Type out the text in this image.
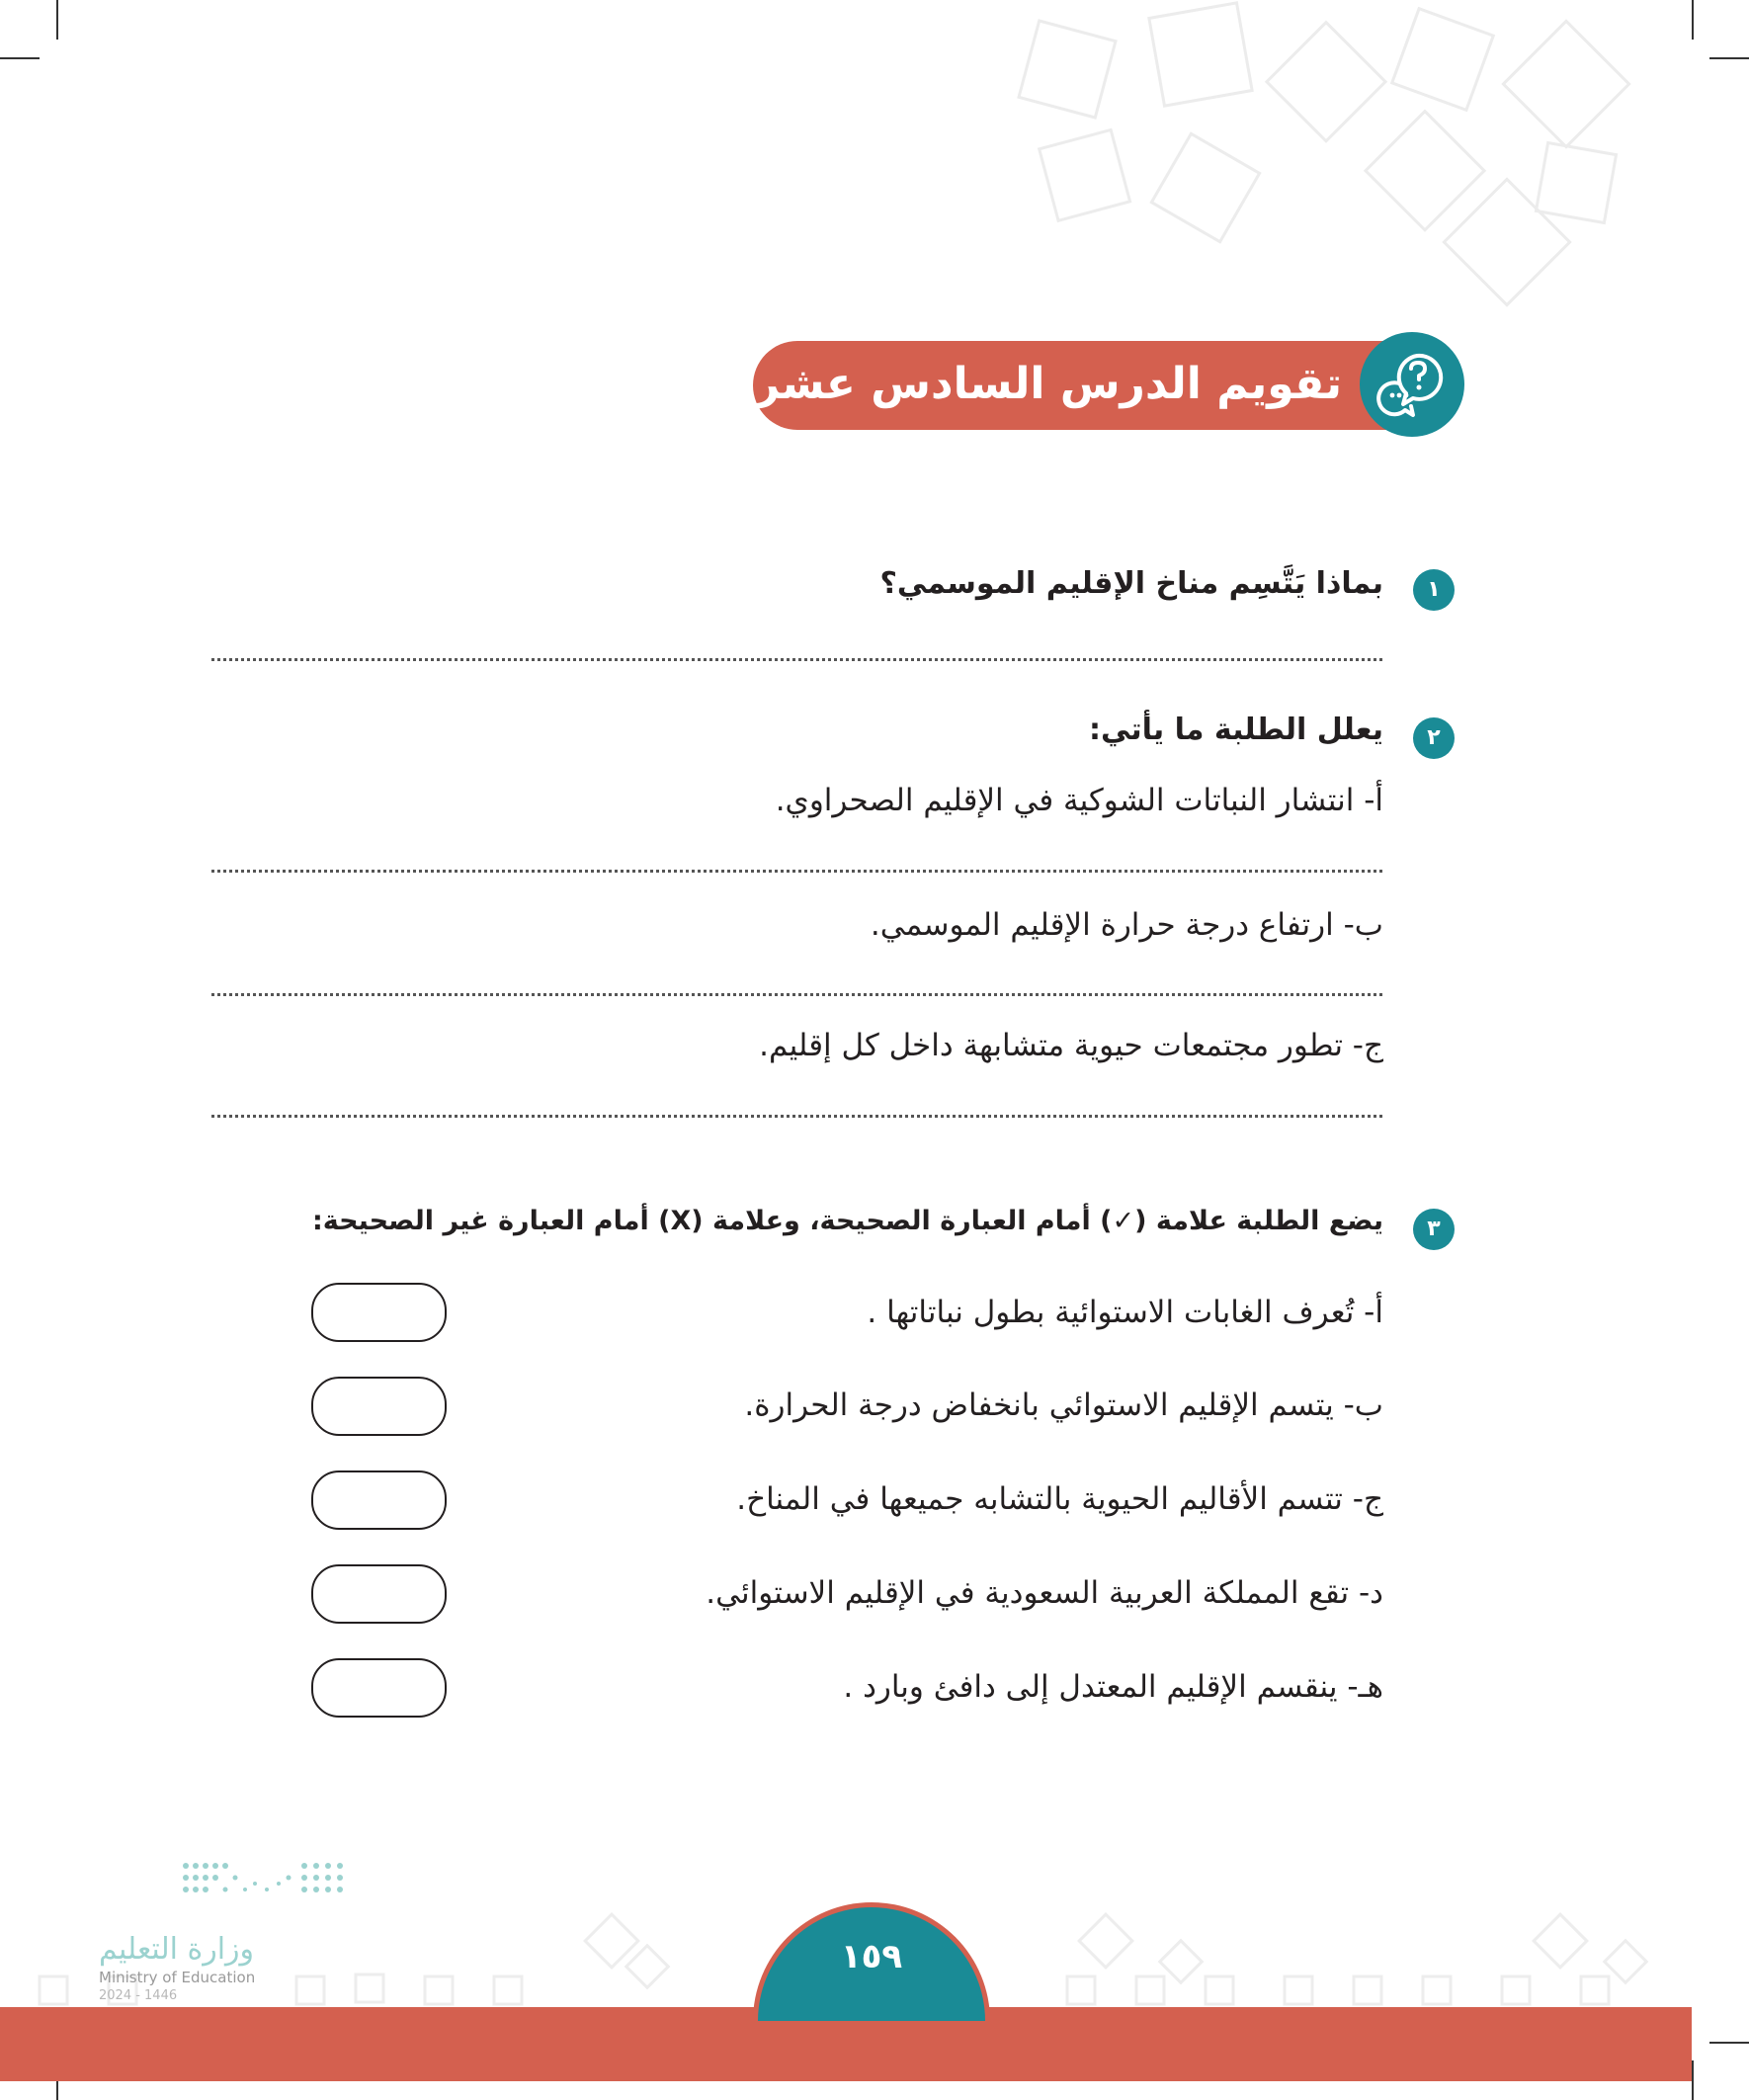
تقويم الدرس السادس عشر
١
بماذا يَتَّسِم مناخ الإقليم الموسمي؟
٢
يعلل الطلبة ما يأتي:
أ- انتشار النباتات الشوكية في الإقليم الصحراوي.
ب- ارتفاع درجة حرارة الإقليم الموسمي.
ج- تطور مجتمعات حيوية متشابهة داخل كل إقليم.
٣
يضع الطلبة علامة (✓) أمام العبارة الصحيحة، وعلامة (X) أمام العبارة غير الصحيحة:
أ- تُعرف الغابات الاستوائية بطول نباتاتها .
ب- يتسم الإقليم الاستوائي بانخفاض درجة الحرارة.
ج- تتسم الأقاليم الحيوية بالتشابه جميعها في المناخ.
د- تقع المملكة العربية السعودية في الإقليم الاستوائي.
هـ- ينقسم الإقليم المعتدل إلى دافئ وبارد .
١٥٩
وزارة التعليم
Ministry of Education
2024 - 1446
